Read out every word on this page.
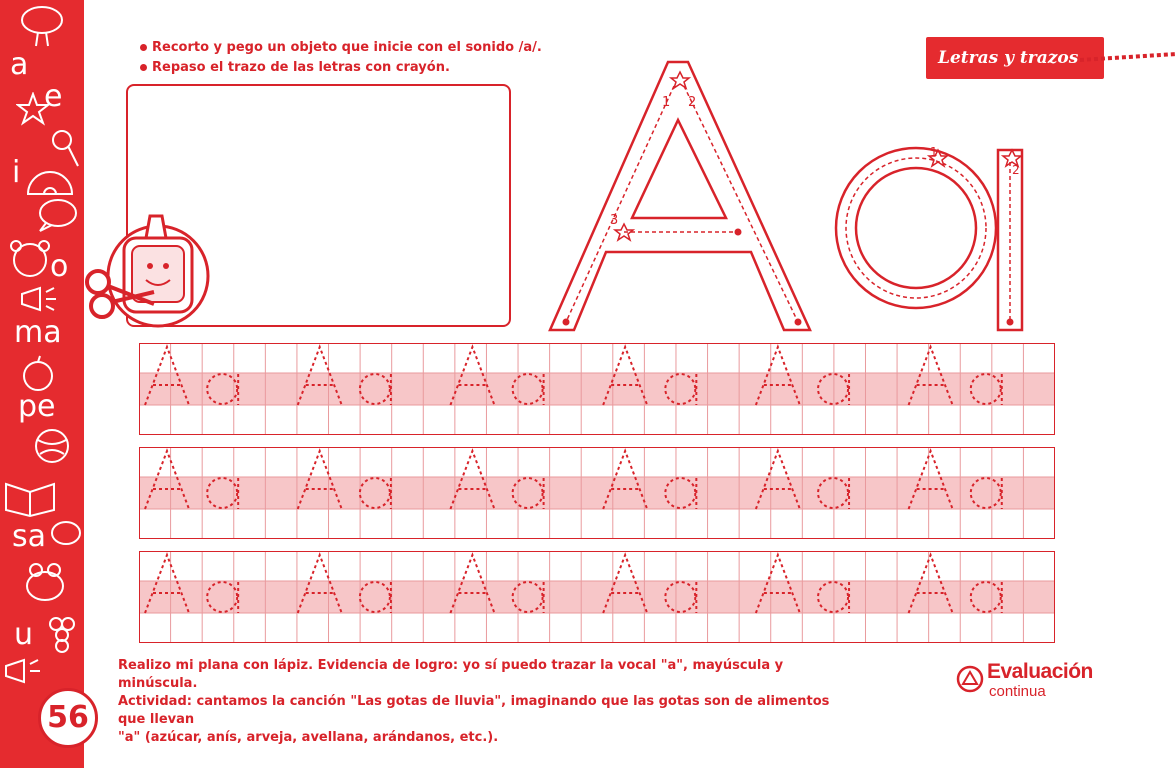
a
e
i
o
ma
pe
sa
u
56
Recorto y pego un objeto que inicie con el sonido /a/.
Repaso el trazo de las letras con crayón.	Letras y trazos
1 2
3
1
2
Realizo mi plana con lápiz. Evidencia de logro: yo sí puedo trazar la vocal "a", mayúscula y minúscula.
Actividad: cantamos la canción "Las gotas de lluvia", imaginando que las gotas son de alimentos que llevan
"a" (azúcar, anís, arveja, avellana, arándanos, etc.).
Evaluación
continua
